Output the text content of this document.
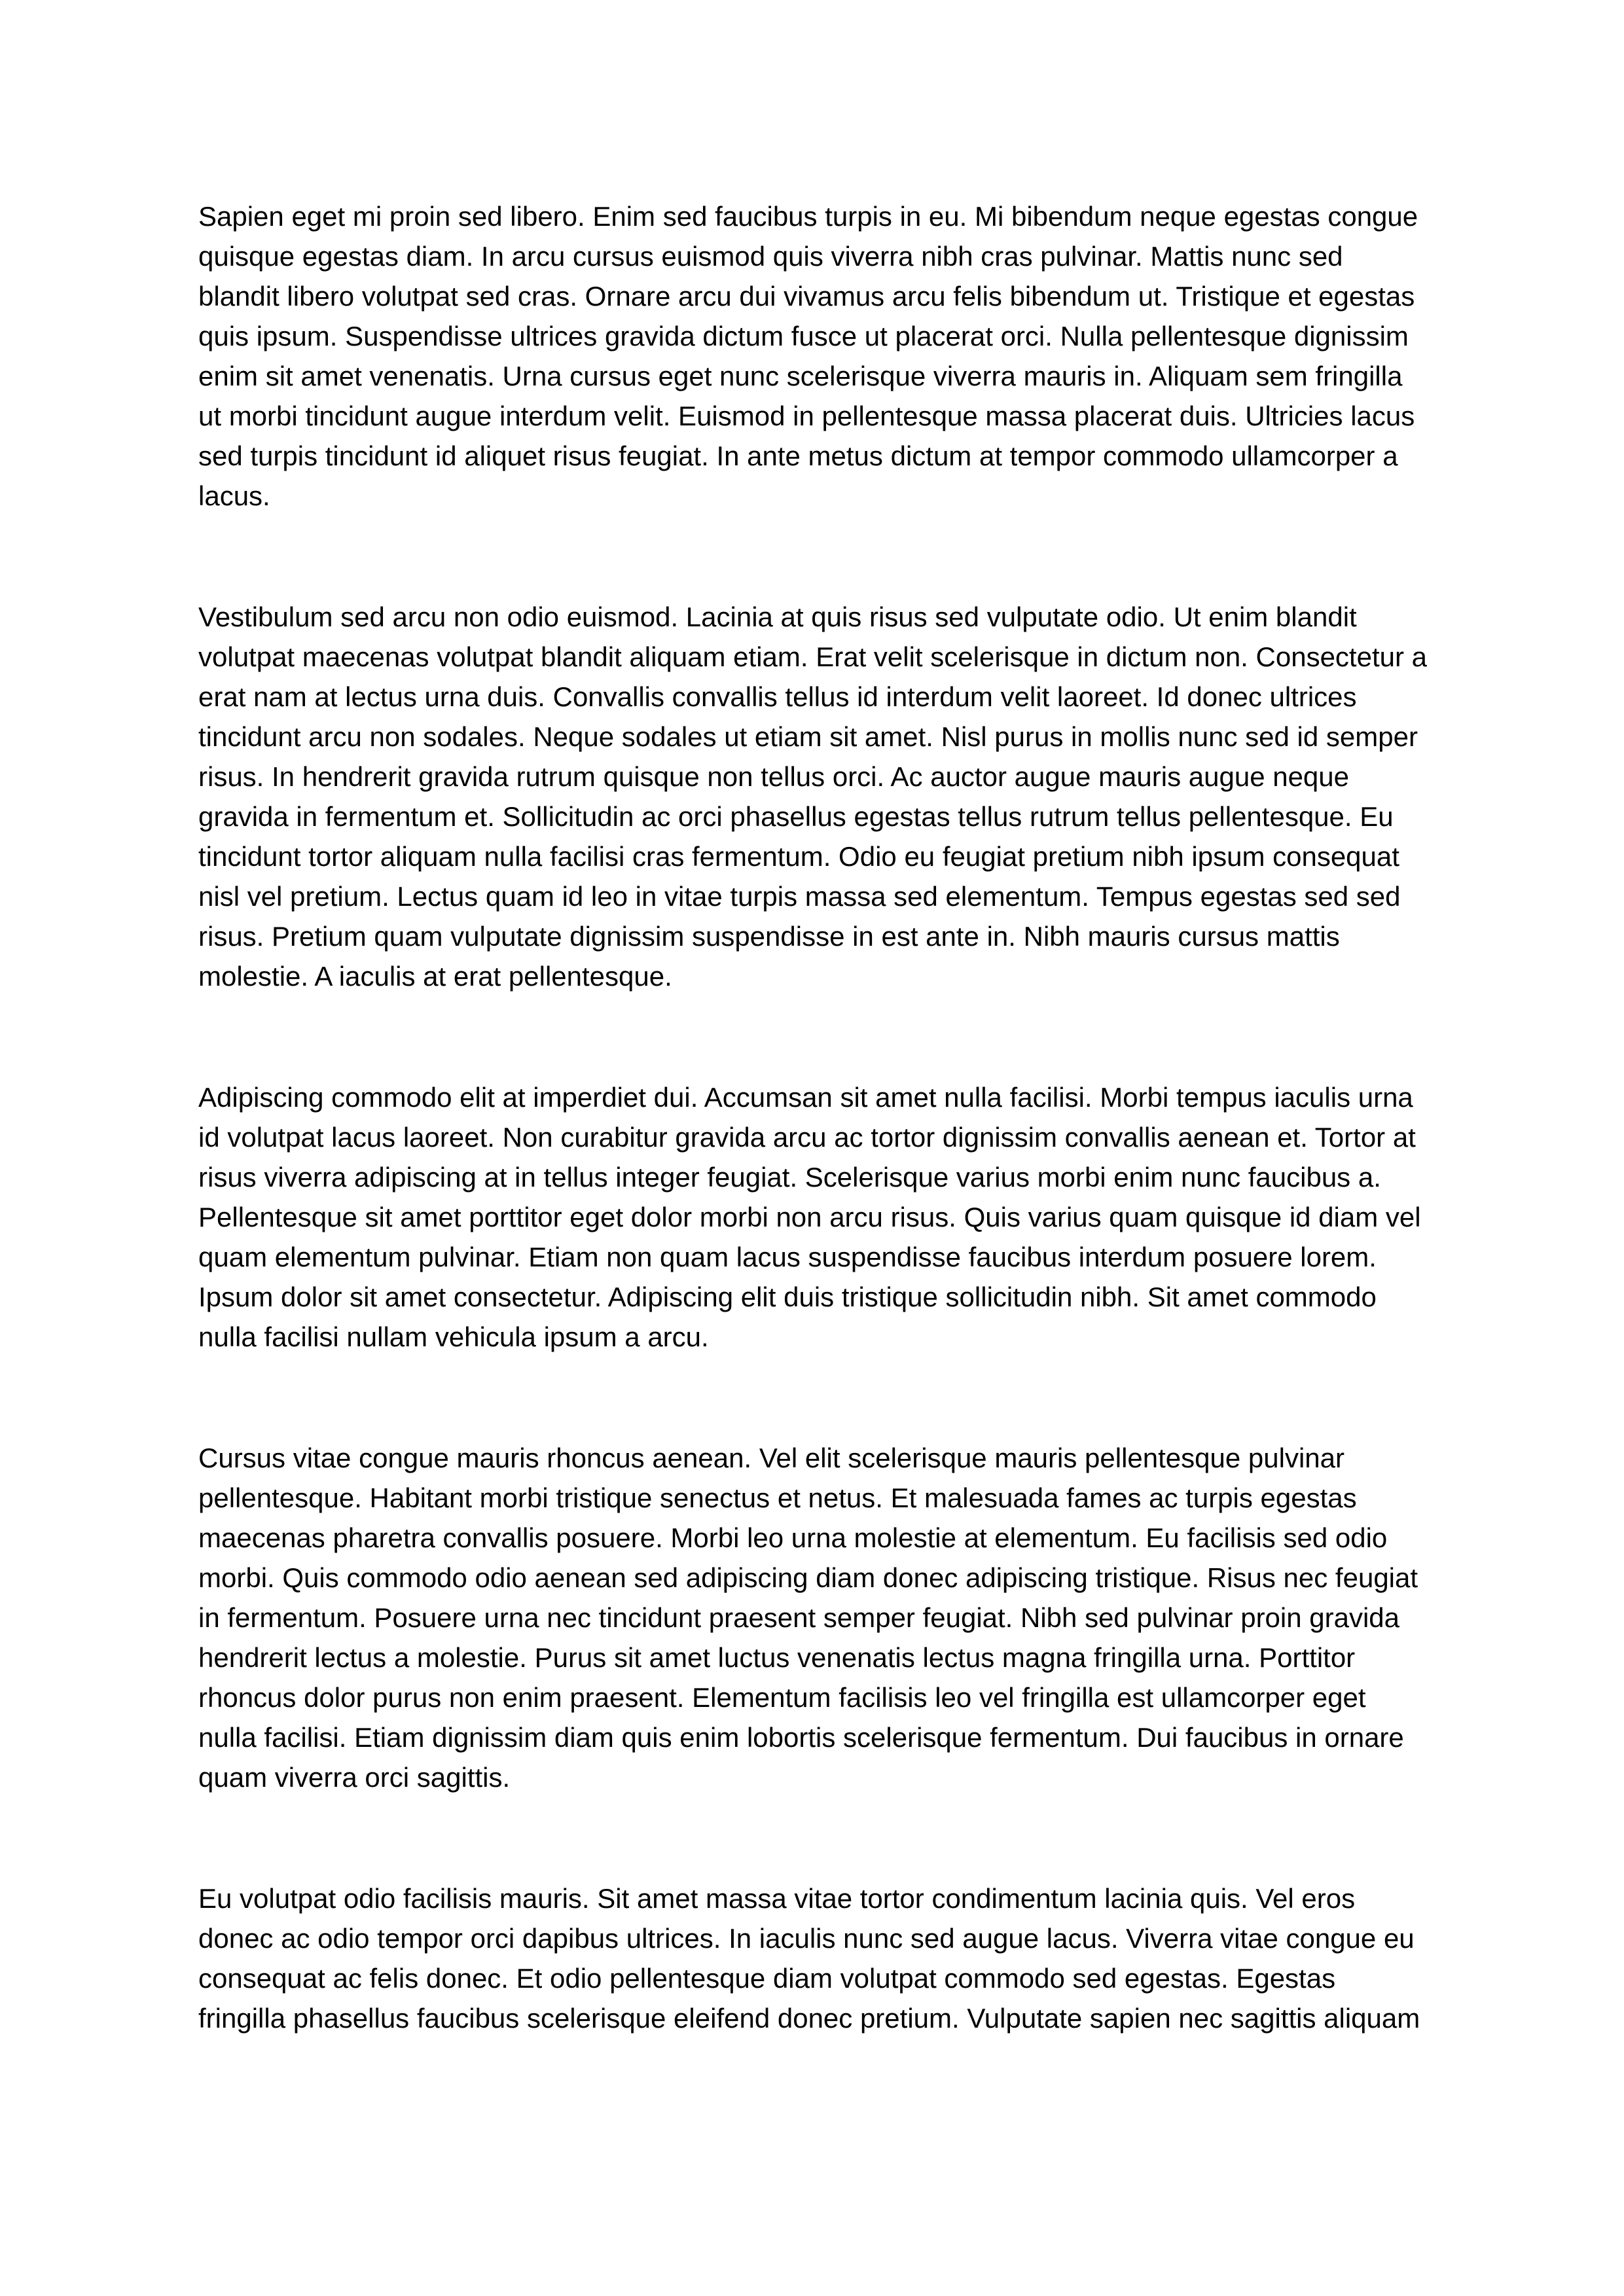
Sapien eget mi proin sed libero. Enim sed faucibus turpis in eu. Mi bibendum neque egestas congue quisque egestas diam. In arcu cursus euismod quis viverra nibh cras pulvinar. Mattis nunc sed blandit libero volutpat sed cras. Ornare arcu dui vivamus arcu felis bibendum ut. Tristique et egestas quis ipsum. Suspendisse ultrices gravida dictum fusce ut placerat orci. Nulla pellentesque dignissim enim sit amet venenatis. Urna cursus eget nunc scelerisque viverra mauris in. Aliquam sem fringilla ut morbi tincidunt augue interdum velit. Euismod in pellentesque massa placerat duis. Ultricies lacus sed turpis tincidunt id aliquet risus feugiat. In ante metus dictum at tempor commodo ullamcorper a lacus.

Vestibulum sed arcu non odio euismod. Lacinia at quis risus sed vulputate odio. Ut enim blandit volutpat maecenas volutpat blandit aliquam etiam. Erat velit scelerisque in dictum non. Consectetur a erat nam at lectus urna duis. Convallis convallis tellus id interdum velit laoreet. Id donec ultrices tincidunt arcu non sodales. Neque sodales ut etiam sit amet. Nisl purus in mollis nunc sed id semper risus. In hendrerit gravida rutrum quisque non tellus orci. Ac auctor augue mauris augue neque gravida in fermentum et. Sollicitudin ac orci phasellus egestas tellus rutrum tellus pellentesque. Eu tincidunt tortor aliquam nulla facilisi cras fermentum. Odio eu feugiat pretium nibh ipsum consequat nisl vel pretium. Lectus quam id leo in vitae turpis massa sed elementum. Tempus egestas sed sed risus. Pretium quam vulputate dignissim suspendisse in est ante in. Nibh mauris cursus mattis molestie. A iaculis at erat pellentesque.

Adipiscing commodo elit at imperdiet dui. Accumsan sit amet nulla facilisi. Morbi tempus iaculis urna id volutpat lacus laoreet. Non curabitur gravida arcu ac tortor dignissim convallis aenean et. Tortor at risus viverra adipiscing at in tellus integer feugiat. Scelerisque varius morbi enim nunc faucibus a. Pellentesque sit amet porttitor eget dolor morbi non arcu risus. Quis varius quam quisque id diam vel quam elementum pulvinar. Etiam non quam lacus suspendisse faucibus interdum posuere lorem. Ipsum dolor sit amet consectetur. Adipiscing elit duis tristique sollicitudin nibh. Sit amet commodo nulla facilisi nullam vehicula ipsum a arcu.

Cursus vitae congue mauris rhoncus aenean. Vel elit scelerisque mauris pellentesque pulvinar pellentesque. Habitant morbi tristique senectus et netus. Et malesuada fames ac turpis egestas maecenas pharetra convallis posuere. Morbi leo urna molestie at elementum. Eu facilisis sed odio morbi. Quis commodo odio aenean sed adipiscing diam donec adipiscing tristique. Risus nec feugiat in fermentum. Posuere urna nec tincidunt praesent semper feugiat. Nibh sed pulvinar proin gravida hendrerit lectus a molestie. Purus sit amet luctus venenatis lectus magna fringilla urna. Porttitor rhoncus dolor purus non enim praesent. Elementum facilisis leo vel fringilla est ullamcorper eget nulla facilisi. Etiam dignissim diam quis enim lobortis scelerisque fermentum. Dui faucibus in ornare quam viverra orci sagittis.

Eu volutpat odio facilisis mauris. Sit amet massa vitae tortor condimentum lacinia quis. Vel eros donec ac odio tempor orci dapibus ultrices. In iaculis nunc sed augue lacus. Viverra vitae congue eu consequat ac felis donec. Et odio pellentesque diam volutpat commodo sed egestas. Egestas fringilla phasellus faucibus scelerisque eleifend donec pretium. Vulputate sapien nec sagittis aliquam
